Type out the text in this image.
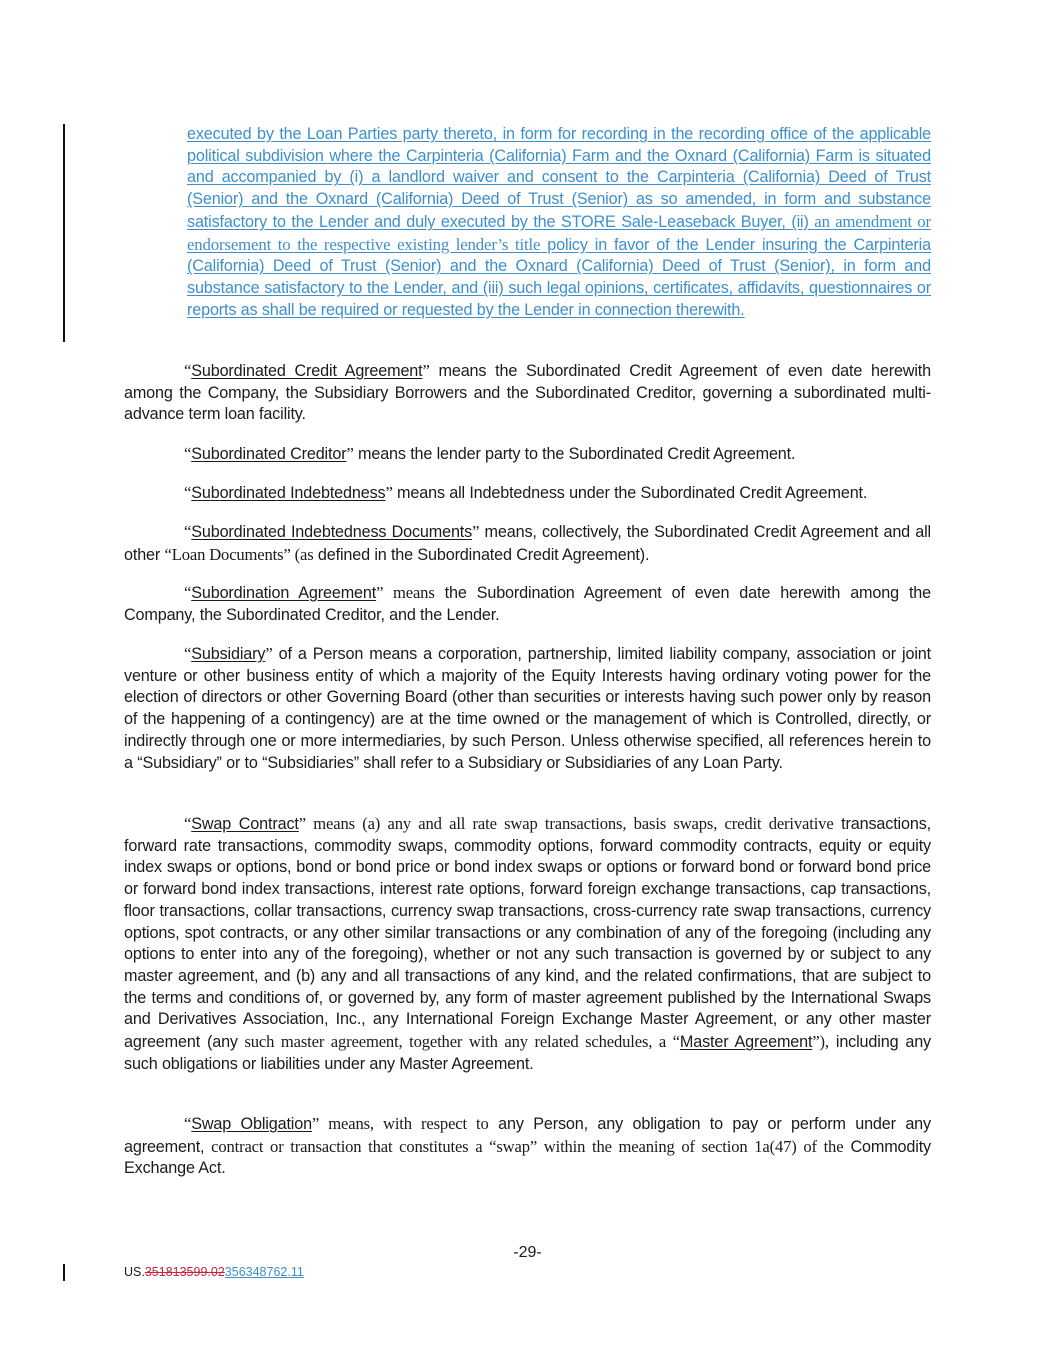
executed by the Loan Parties party thereto, in form for recording in the recording office of the applicable political subdivision where the Carpinteria (California) Farm and the Oxnard (California) Farm is situated and accompanied by (i) a landlord waiver and consent to the Carpinteria (California) Deed of Trust (Senior) and the Oxnard (California) Deed of Trust (Senior) as so amended, in form and substance satisfactory to the Lender and duly executed by the STORE Sale-Leaseback Buyer, (ii) an amendment or endorsement to the respective existing lender’s title policy in favor of the Lender insuring the Carpinteria (California) Deed of Trust (Senior) and the Oxnard (California) Deed of Trust (Senior), in form and substance satisfactory to the Lender, and (iii) such legal opinions, certificates, affidavits, questionnaires or reports as shall be required or requested by the Lender in connection therewith.
“Subordinated Credit Agreement” means the Subordinated Credit Agreement of even date herewith among the Company, the Subsidiary Borrowers and the Subordinated Creditor, governing a subordinated multi-advance term loan facility.
“Subordinated Creditor” means the lender party to the Subordinated Credit Agreement.
“Subordinated Indebtedness” means all Indebtedness under the Subordinated Credit Agreement.
“Subordinated Indebtedness Documents” means, collectively, the Subordinated Credit Agreement and all other “Loan Documents” (as defined in the Subordinated Credit Agreement).
“Subordination Agreement” means the Subordination Agreement of even date herewith among the Company, the Subordinated Creditor, and the Lender.
“Subsidiary” of a Person means a corporation, partnership, limited liability company, association or joint venture or other business entity of which a majority of the Equity Interests having ordinary voting power for the election of directors or other Governing Board (other than securities or interests having such power only by reason of the happening of a contingency) are at the time owned or the management of which is Controlled, directly, or indirectly through one or more intermediaries, by such Person. Unless otherwise specified, all references herein to a “Subsidiary” or to “Subsidiaries” shall refer to a Subsidiary or Subsidiaries of any Loan Party.
“Swap Contract” means (a) any and all rate swap transactions, basis swaps, credit derivative transactions, forward rate transactions, commodity swaps, commodity options, forward commodity contracts, equity or equity index swaps or options, bond or bond price or bond index swaps or options or forward bond or forward bond price or forward bond index transactions, interest rate options, forward foreign exchange transactions, cap transactions, floor transactions, collar transactions, currency swap transactions, cross-currency rate swap transactions, currency options, spot contracts, or any other similar transactions or any combination of any of the foregoing (including any options to enter into any of the foregoing), whether or not any such transaction is governed by or subject to any master agreement, and (b) any and all transactions of any kind, and the related confirmations, that are subject to the terms and conditions of, or governed by, any form of master agreement published by the International Swaps and Derivatives Association, Inc., any International Foreign Exchange Master Agreement, or any other master agreement (any such master agreement, together with any related schedules, a “Master Agreement”), including any such obligations or liabilities under any Master Agreement.
“Swap Obligation” means, with respect to any Person, any obligation to pay or perform under any agreement, contract or transaction that constitutes a “swap” within the meaning of section 1a(47) of the Commodity Exchange Act.
-29-
US.351813599.02356348762.11
